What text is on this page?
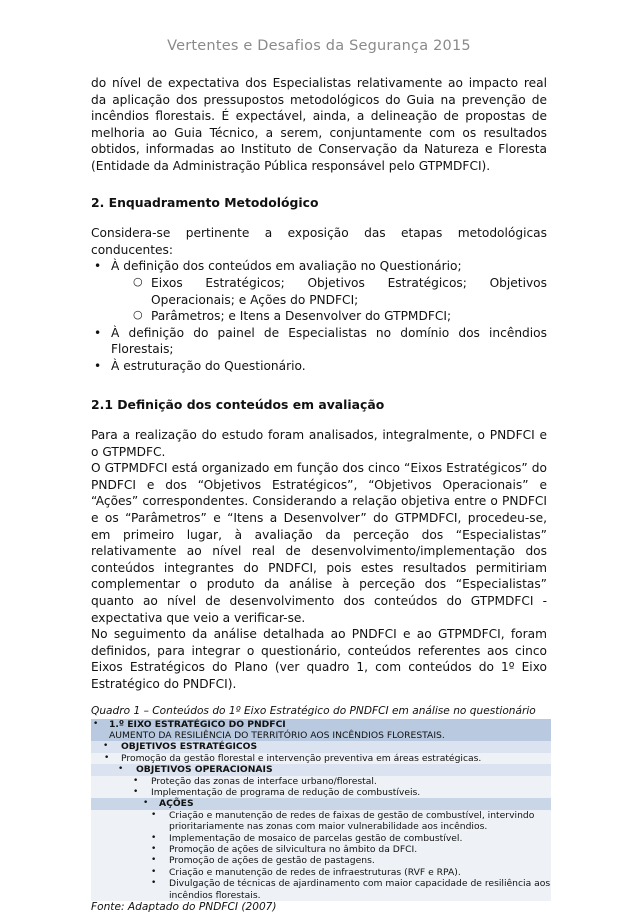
Vertentes e Desafios da Segurança 2015

do nível de expectativa dos Especialistas relativamente ao impacto real da aplicação dos pressupostos metodológicos do Guia na prevenção de incêndios florestais. É expectável, ainda, a delineação de propostas de melhoria ao Guia Técnico, a serem, conjuntamente com os resultados obtidos, informadas ao Instituto de Conservação da Natureza e Floresta (Entidade da Administração Pública responsável pelo GTPMDFCI).

2. Enquadramento Metodológico

Considera-se pertinente a exposição das etapas metodológicas conducentes:

• À definição dos conteúdos em avaliação no Questionário;
○ Eixos Estratégicos; Objetivos Estratégicos; Objetivos Operacionais; e Ações do PNDFCI;
○ Parâmetros; e Itens a Desenvolver do GTPMDFCI;
• À definição do painel de Especialistas no domínio dos incêndios Florestais;
• À estruturação do Questionário.
2.1 Definição dos conteúdos em avaliação

Para a realização do estudo foram analisados, integralmente, o PNDFCI e o GTPMDFC.

O GTPMDFCI está organizado em função dos cinco “Eixos Estratégicos” do PNDFCI e dos “Objetivos Estratégicos”, “Objetivos Operacionais” e “Ações” correspondentes. Considerando a relação objetiva entre o PNDFCI e os “Parâmetros” e “Itens a Desenvolver” do GTPMDFCI, procedeu-se, em primeiro lugar, à avaliação da perceção dos “Especialistas” relativamente ao nível real de desenvolvimento/implementação dos conteúdos integrantes do PNDFCI, pois estes resultados permitiriam complementar o produto da análise à perceção dos “Especialistas” quanto ao nível de desenvolvimento dos conteúdos do GTPMDFCI - expectativa que veio a verificar-se.

No seguimento da análise detalhada ao PNDFCI e ao GTPMDFCI, foram definidos, para integrar o questionário, conteúdos referentes aos cinco Eixos Estratégicos do Plano (ver quadro 1, com conteúdos do 1º Eixo Estratégico do PNDFCI).

Quadro 1 – Conteúdos do 1º Eixo Estratégico do PNDFCI em análise no questionário
• 1.º EIXO ESTRATÉGICO DO PNDFCI
AUMENTO DA RESILIÊNCIA DO TERRITÓRIO AOS INCÊNDIOS FLORESTAIS.
• OBJETIVOS ESTRATÉGICOS
• Promoção da gestão florestal e intervenção preventiva em áreas estratégicas.
• OBJETIVOS OPERACIONAIS
• Proteção das zonas de interface urbano/florestal.
• Implementação de programa de redução de combustíveis.
• AÇÕES
• Criação e manutenção de redes de faixas de gestão de combustível, intervindo prioritariamente nas zonas com maior vulnerabilidade aos incêndios.
• Implementação de mosaico de parcelas gestão de combustível.
• Promoção de ações de silvicultura no âmbito da DFCI.
• Promoção de ações de gestão de pastagens.
• Criação e manutenção de redes de infraestruturas (RVF e RPA).
• Divulgação de técnicas de ajardinamento com maior capacidade de resiliência aos incêndios florestais.
Fonte: Adaptado do PNDFCI (2007)
